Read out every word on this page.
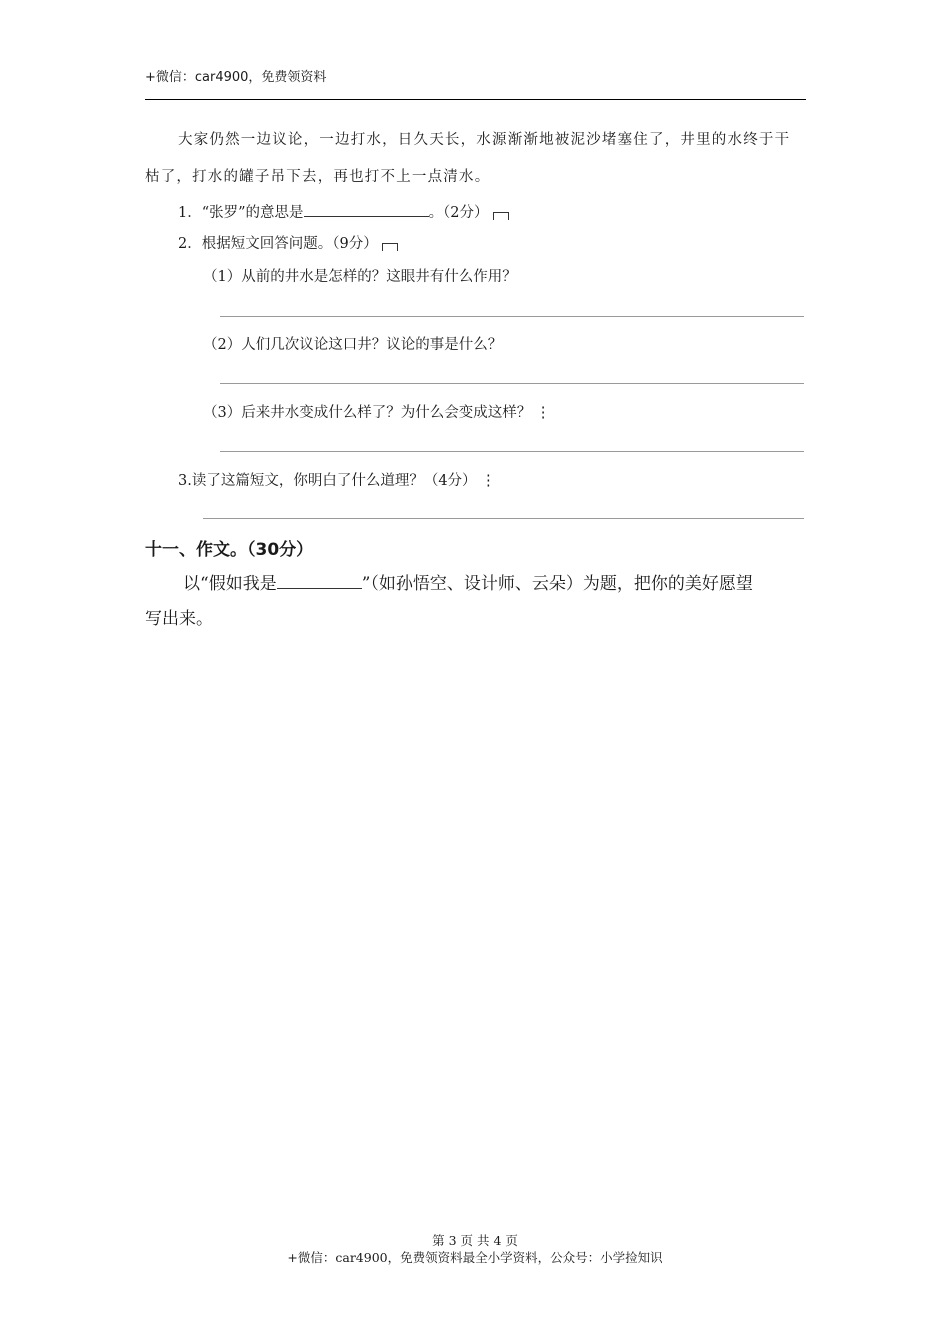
+微信：car4900，免费领资料
大家仍然一边议论，一边打水，日久天长，水源渐渐地被泥沙堵塞住了，井里的水终于干
枯了，打水的罐子吊下去，再也打不上一点清水。
1．“张罗”的意思是	。（2分）
2．根据短文回答问题。（9分）
（1）从前的井水是怎样的？这眼井有什么作用？
（2）人们几次议论这口井？议论的事是什么？
（3）后来井水变成什么样了？为什么会变成这样？ ⋮
3.读了这篇短文，你明白了什么道理？（4分） ⋮
十一、作文。（30分）
以“假如我是	”（如孙悟空、设计师、云朵）为题，把你的美好愿望
写出来。
第 3 页 共 4 页
+微信：car4900，免费领资料最全小学资料，公众号：小学捡知识
